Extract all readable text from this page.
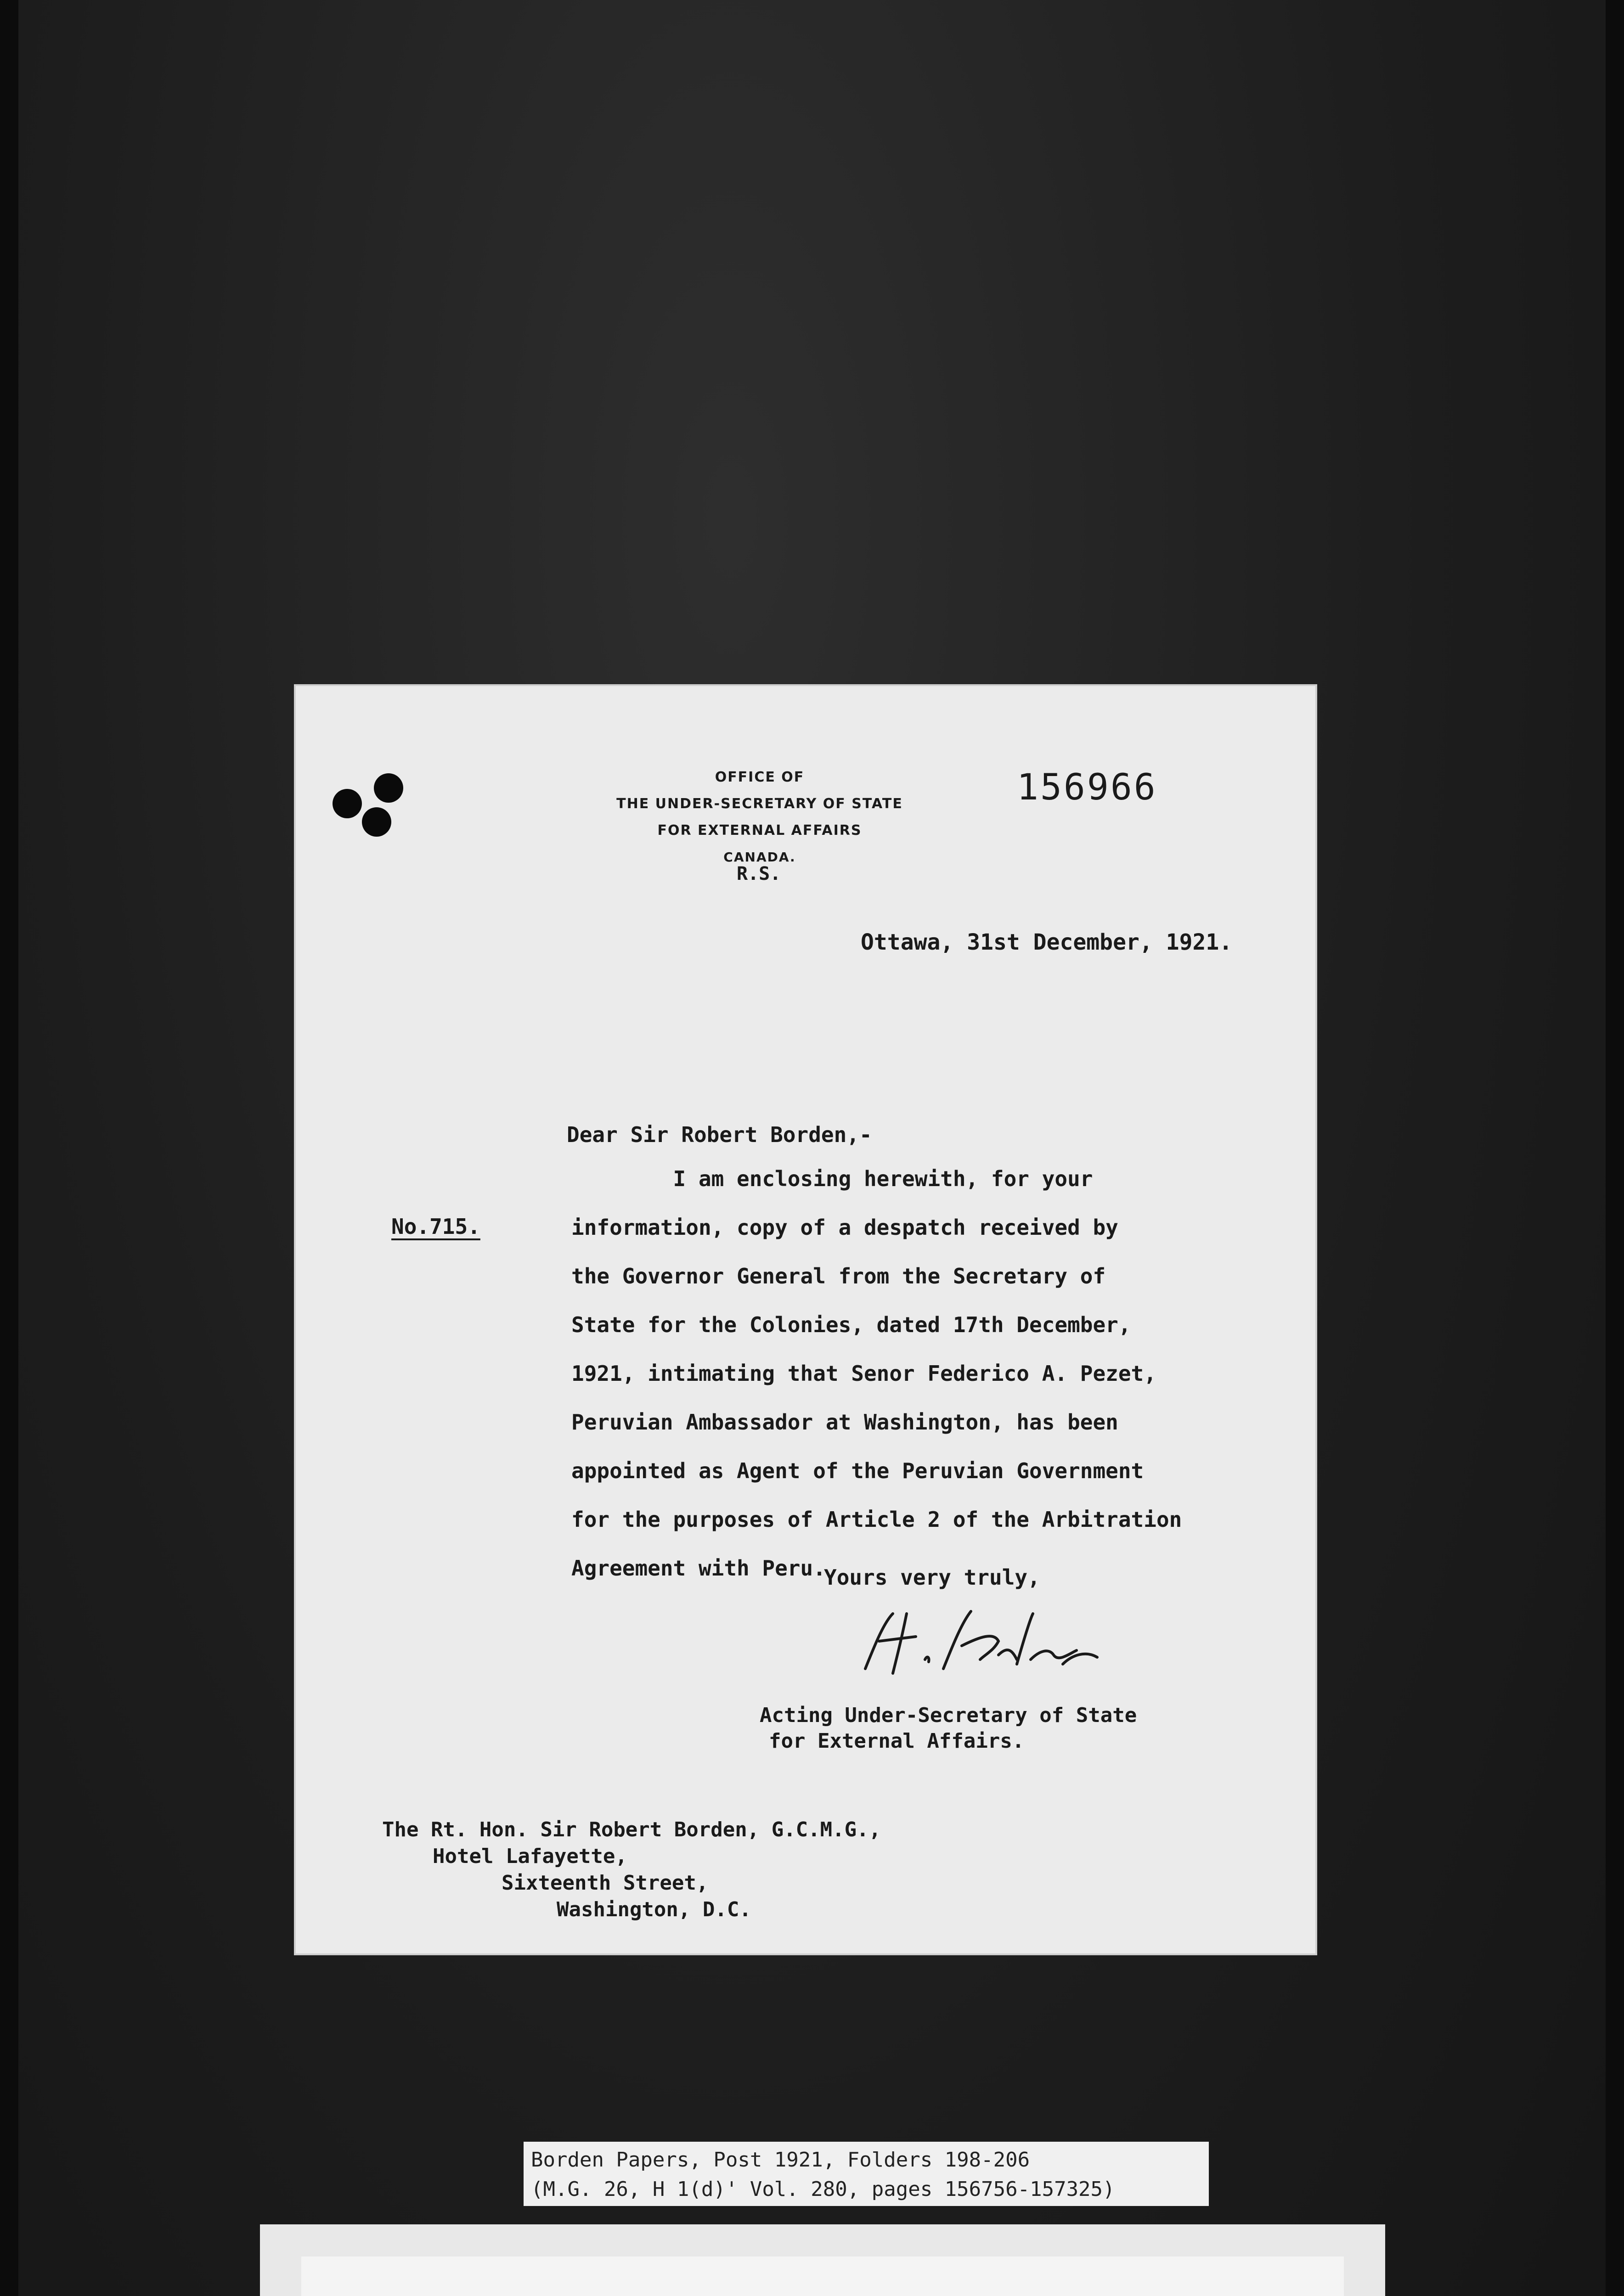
OFFICE OF
THE UNDER-SECRETARY OF STATE
FOR EXTERNAL AFFAIRS
CANADA.
R.S.
156966
Ottawa, 31st December, 1921.
Dear Sir Robert Borden,-
No.715.
I am enclosing herewith, for your
information, copy of a despatch received by
the Governor General from the Secretary of
State for the Colonies, dated 17th December,
1921, intimating that Senor Federico A. Pezet,
Peruvian Ambassador at Washington, has been
appointed as Agent of the Peruvian Government
for the purposes of Article 2 of the Arbitration
Agreement with Peru.
Yours very truly,
Acting Under-Secretary of State
for External Affairs.
The Rt. Hon. Sir Robert Borden, G.C.M.G.,
Hotel Lafayette,
Sixteenth Street,
Washington, D.C.
Borden Papers, Post 1921, Folders 198-206
(M.G. 26, H 1(d)' Vol. 280, pages 156756-157325)
